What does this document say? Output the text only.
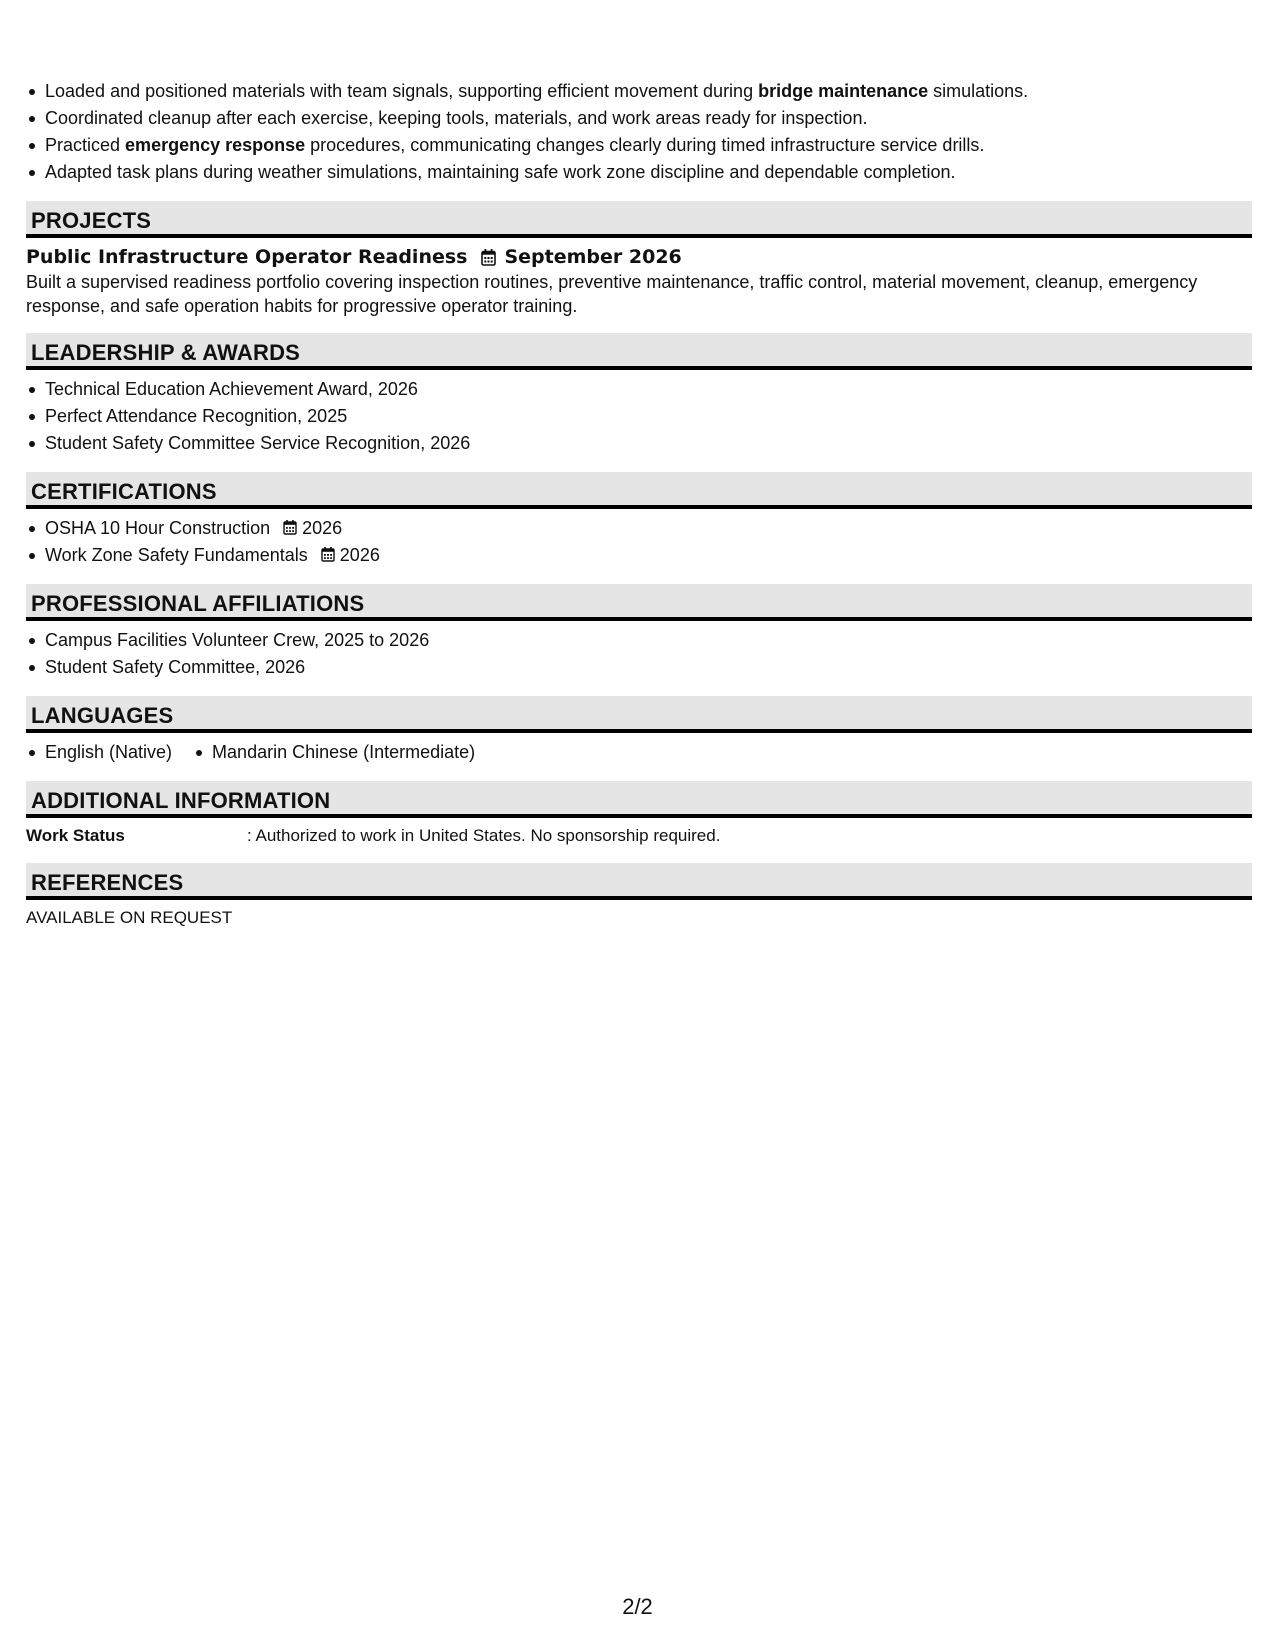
Loaded and positioned materials with team signals, supporting efficient movement during bridge maintenance simulations.
Coordinated cleanup after each exercise, keeping tools, materials, and work areas ready for inspection.
Practiced emergency response procedures, communicating changes clearly during timed infrastructure service drills.
Adapted task plans during weather simulations, maintaining safe work zone discipline and dependable completion.
PROJECTS
Public Infrastructure Operator Readiness September 2026
Built a supervised readiness portfolio covering inspection routines, preventive maintenance, traffic control, material movement, cleanup, emergency response, and safe operation habits for progressive operator training.
LEADERSHIP & AWARDS
Technical Education Achievement Award, 2026
Perfect Attendance Recognition, 2025
Student Safety Committee Service Recognition, 2026
CERTIFICATIONS
OSHA 10 Hour Construction 2026
Work Zone Safety Fundamentals 2026
PROFESSIONAL AFFILIATIONS
Campus Facilities Volunteer Crew, 2025 to 2026
Student Safety Committee, 2026
LANGUAGES
English (Native) Mandarin Chinese (Intermediate)
ADDITIONAL INFORMATION
Work Status	: Authorized to work in United States. No sponsorship required.
REFERENCES
AVAILABLE ON REQUEST
2/2
